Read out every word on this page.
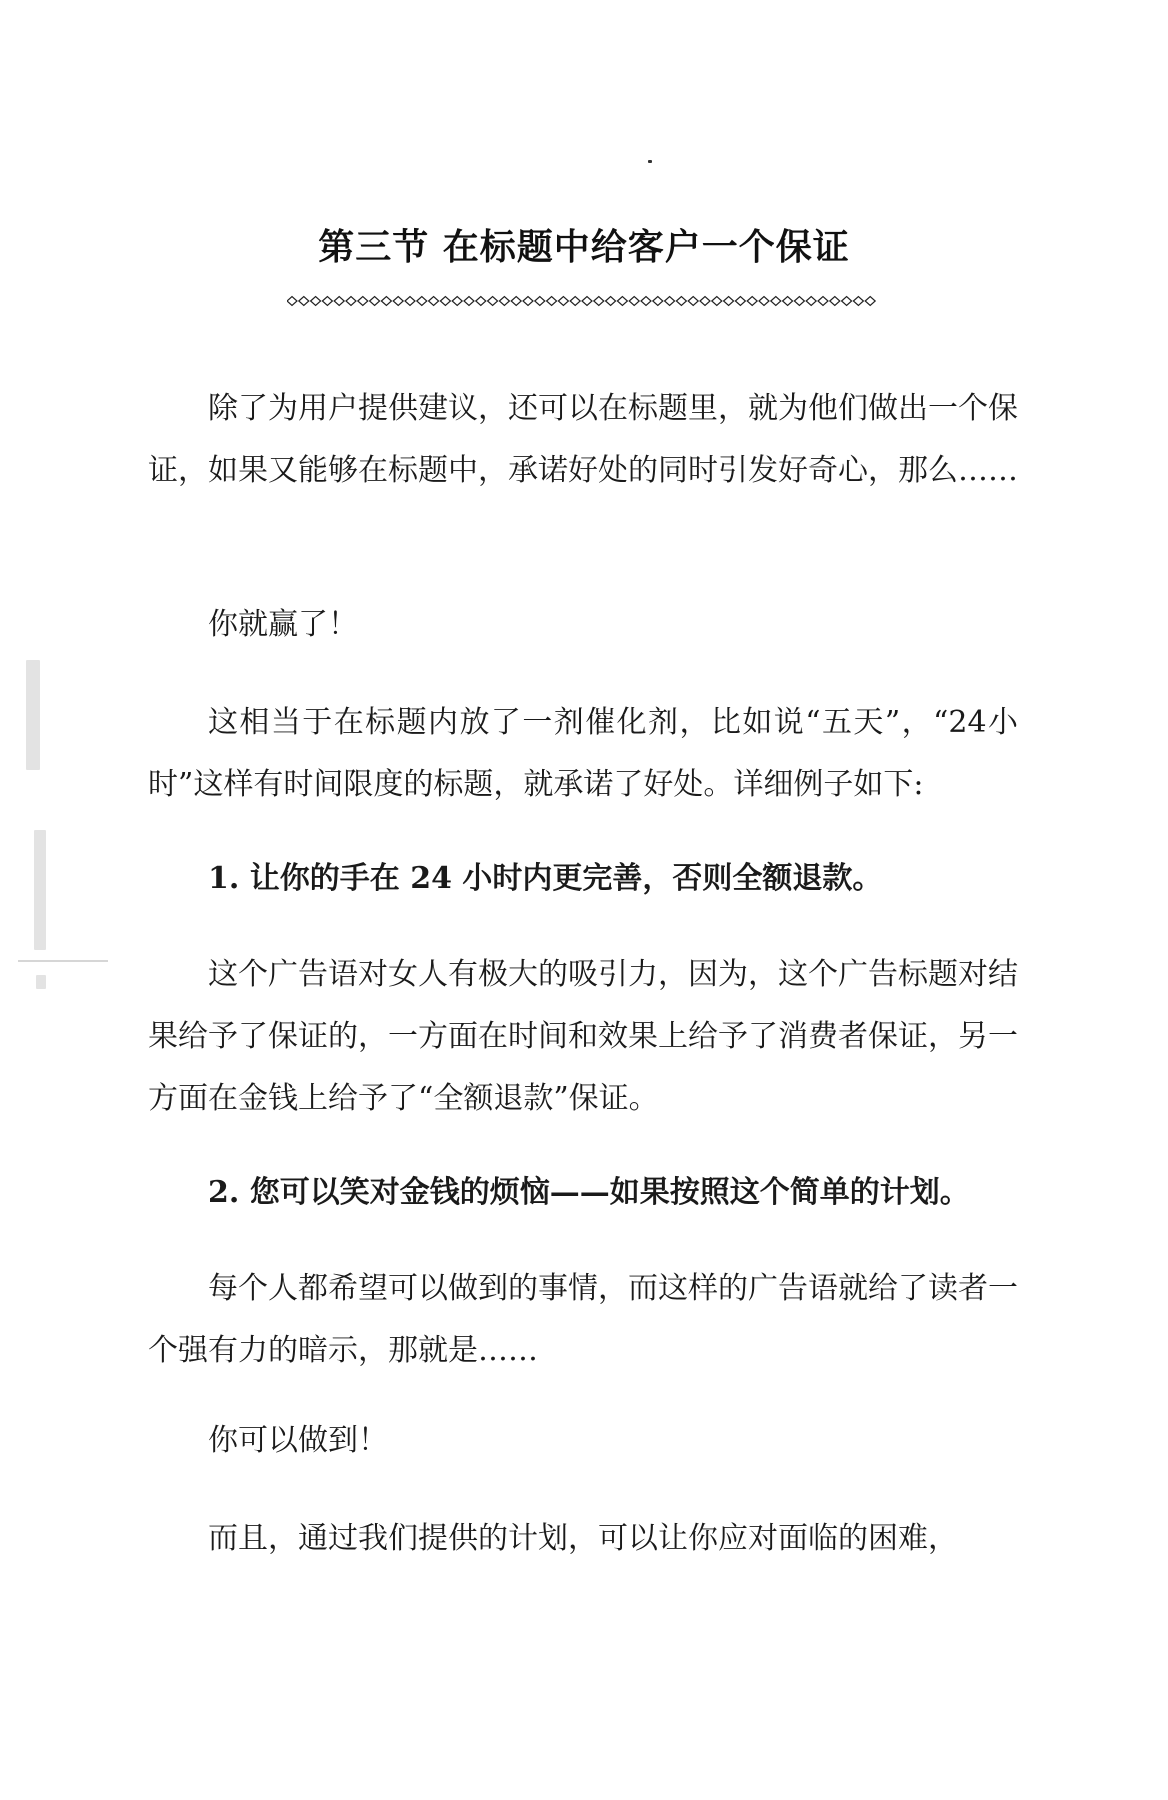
第三节 在标题中给客户一个保证

除了为用户提供建议，还可以在标题里，就为他们做出一个保证，如果又能够在标题中，承诺好处的同时引发好奇心，那么……

你就赢了！

这相当于在标题内放了一剂催化剂，比如说“五天”，“24小时”这样有时间限度的标题，就承诺了好处。详细例子如下:

1. 让你的手在 24 小时内更完善，否则全额退款。

这个广告语对女人有极大的吸引力，因为，这个广告标题对结果给予了保证的，一方面在时间和效果上给予了消费者保证，另一方面在金钱上给予了“全额退款”保证。

2. 您可以笑对金钱的烦恼——如果按照这个简单的计划。

每个人都希望可以做到的事情，而这样的广告语就给了读者一个强有力的暗示，那就是……

你可以做到！

而且，通过我们提供的计划，可以让你应对面临的困难，
